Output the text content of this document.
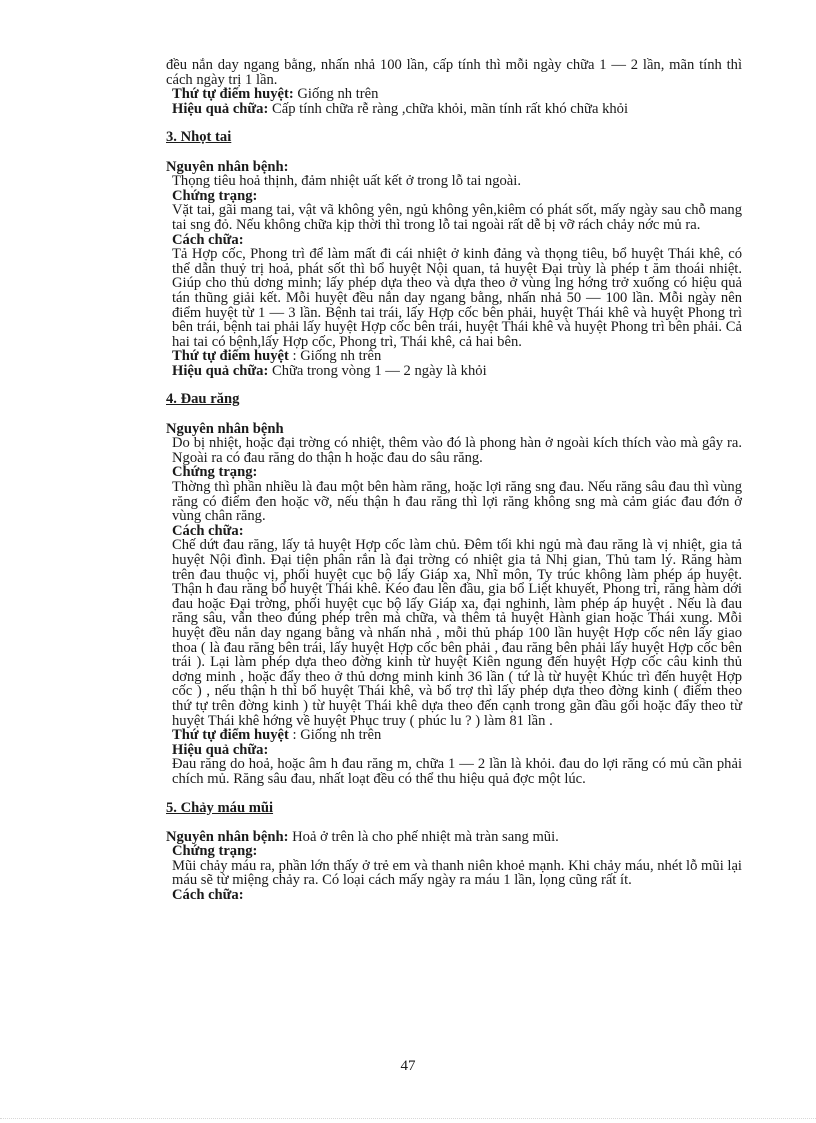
đều nắn day ngang bằng, nhấn nhả 100 lần, cấp tính thì mỗi ngày chữa 1 — 2 lần, mãn tính thì cách ngày trị 1 lần.

Thứ tự điểm huyệt: Giống nh trên

Hiệu quả chữa: Cấp tính chữa rễ ràng ,chữa khỏi, mãn tính rất khó chữa khỏi

3. Nhọt tai

Nguyên nhân bệnh:

Thọng tiêu hoả thịnh, đảm nhiệt uất kết ở trong lỗ tai ngoài.

Chứng trạng:

Vặt tai, gãi mang tai, vật vã không yên, ngủ không yên,kiêm có phát sốt, mấy ngày sau chỗ mang tai sng đỏ. Nếu không chữa kịp thời thì trong lỗ tai ngoài rất dễ bị vỡ rách chảy nớc mủ ra.

Cách chữa:

Tả Hợp cốc, Phong trì để làm mất đi cái nhiệt ở kinh đảng và thọng tiêu, bổ huyệt Thái khê, có thể dẫn thuỷ trị hoả, phát sốt thì bổ huyệt Nội quan, tả huyệt Đại trùy là phép t ăm thoái nhiệt. Giúp cho thủ dơng minh; lấy phép dựa theo và dựa theo ở vùng lng hớng trở xuống có hiệu quả tán thũng giải kết. Mỗi huyệt đều nắn day ngang bằng, nhấn nhả 50 — 100 lần. Mỗi ngày nên điểm huyệt từ 1 — 3 lần. Bệnh tai trái, lấy Hợp cốc bên phải, huyệt Thái khê và huyệt Phong trì bên trái, bệnh tai phải lấy huyệt Hợp cốc bên trái, huyệt Thái khê và huyệt Phong trì bên phải. Cả hai tai có bệnh,lấy Hợp cốc, Phong trì, Thái khê, cả hai bên.

Thứ tự điểm huyệt : Giống nh trên

Hiệu quả chữa: Chữa trong vòng 1 — 2 ngày là khỏi

4. Đau răng

Nguyên nhân bệnh

Do bị nhiệt, hoặc đại trờng có nhiệt, thêm vào đó là phong hàn ở ngoài kích thích vào mà gây ra. Ngoài ra có đau răng do thận h hoặc đau do sâu răng.

Chứng trạng:

Thờng thì phần nhiều là đau một bên hàm răng, hoặc lợi răng sng đau. Nếu răng sâu đau thì vùng răng có điểm đen hoặc vỡ, nếu thận h đau răng thì lợi răng không sng mà cảm giác đau đớn ở vùng chân răng.

Cách chữa:

Chế dứt đau răng, lấy tả huyệt Hợp cốc làm chủ. Đêm tối khi ngủ mà đau răng là vị nhiệt, gia tả huyệt Nội đình. Đại tiện phân rắn là đại trờng có nhiệt gia tả Nhị gian, Thủ tam lý. Răng hàm trên đau thuộc vị, phối huyệt cục bộ lấy Giáp xa, Nhĩ môn, Ty trúc không làm phép áp huyệt. Thận h đau răng bổ huyệt Thái khê. Kéo đau lên đầu, gia bổ Liệt khuyết, Phong trì, răng hàm dới đau hoặc Đại trờng, phối huyệt cục bộ lấy Giáp xa, đại nghinh, làm phép áp huyệt . Nếu là đau răng sâu, vẫn theo đúng phép trên mà chữa, và thêm tả huyệt Hành gian hoặc Thái xung. Mỗi huyệt đều nắn day ngang bằng và nhấn nhả , mỗi thủ pháp 100 lần huyệt Hợp cốc nên lấy giao thoa ( là đau răng bên trái, lấy huyệt Hợp cốc bên phải , đau răng bên phải lấy huyệt Hợp cốc bên trái ). Lại làm phép dựa theo đờng kinh từ huyệt Kiên ngung đến huyệt Hợp cốc câu kinh thủ dơng minh , hoặc đẩy theo ở thủ dơng minh kinh 36 lần ( tứ là từ huyệt Khúc trì đến huyệt Hợp cốc ) , nếu thận h thì bổ huyệt Thái khê, và bổ trợ thì lấy phép dựa theo đờng kinh ( điểm theo thứ tự trên đờng kinh ) từ huyệt Thái khê dựa theo đến cạnh trong gần đầu gối hoặc đẩy theo từ huyệt Thái khê hớng về huyệt Phục truy ( phúc lu ? ) làm 81 lần .

Thứ tự điểm huyệt : Giống nh trên

Hiệu quả chữa:

Đau răng do hoả, hoặc âm h đau răng m, chữa 1 — 2 lần là khỏi. đau do lợi răng có mủ cần phải chích mủ. Răng sâu đau, nhất loạt đều có thể thu hiệu quả đợc một lúc.

5. Chảy máu mũi

Nguyên nhân bệnh: Hoả ở trên là cho phế nhiệt mà tràn sang mũi.

Chứng trạng:

Mũi chảy máu ra, phần lớn thấy ở trẻ em và thanh niên khoẻ mạnh. Khi chảy máu, nhét lỗ mũi lại máu sẽ từ miệng chảy ra. Có loại cách mấy ngày ra máu 1 lần, lọng cũng rất ít.

Cách chữa:

47
